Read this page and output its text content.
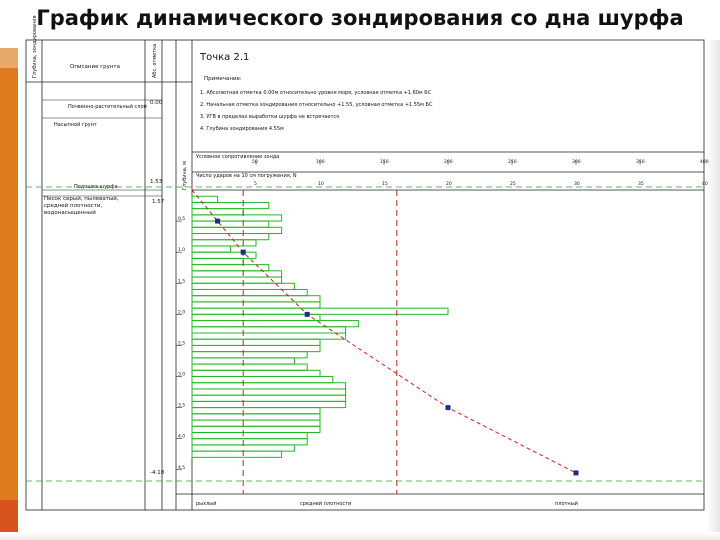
График динамического зондирования со дна шурфа
Описание грунта	Абс. отметка
Глубина, м
Глубина, зондирования	Точка 2.1
Примечание:
1. Абсолютная отметка 0.00м относительно уровня моря, условная отметка +1.60м БС
2. Начальная отметка зондирования относительно +1.55, условная отметка +1.55м БС
3. УГВ в пределах выработки шурфа не встречается
4. Глубина зондирования 4.55м
Почвенно-растительный слой
0.00
Насыпной грунт
Подошва шурфа
1.53
1.57
Песок серый, пылеватый, средней плотности, водонасыщенный
-4.18
Условное сопротивление зонда
Число ударов на 10 см погружения, N
рыхлый	средней плотности	плотный
0.5
1.0
1.5
2.0
2.5
3.0
3.5
4.0
4.5
50	100	150	200	250	300	350	400
5	10	15	20	25	30	35	40
